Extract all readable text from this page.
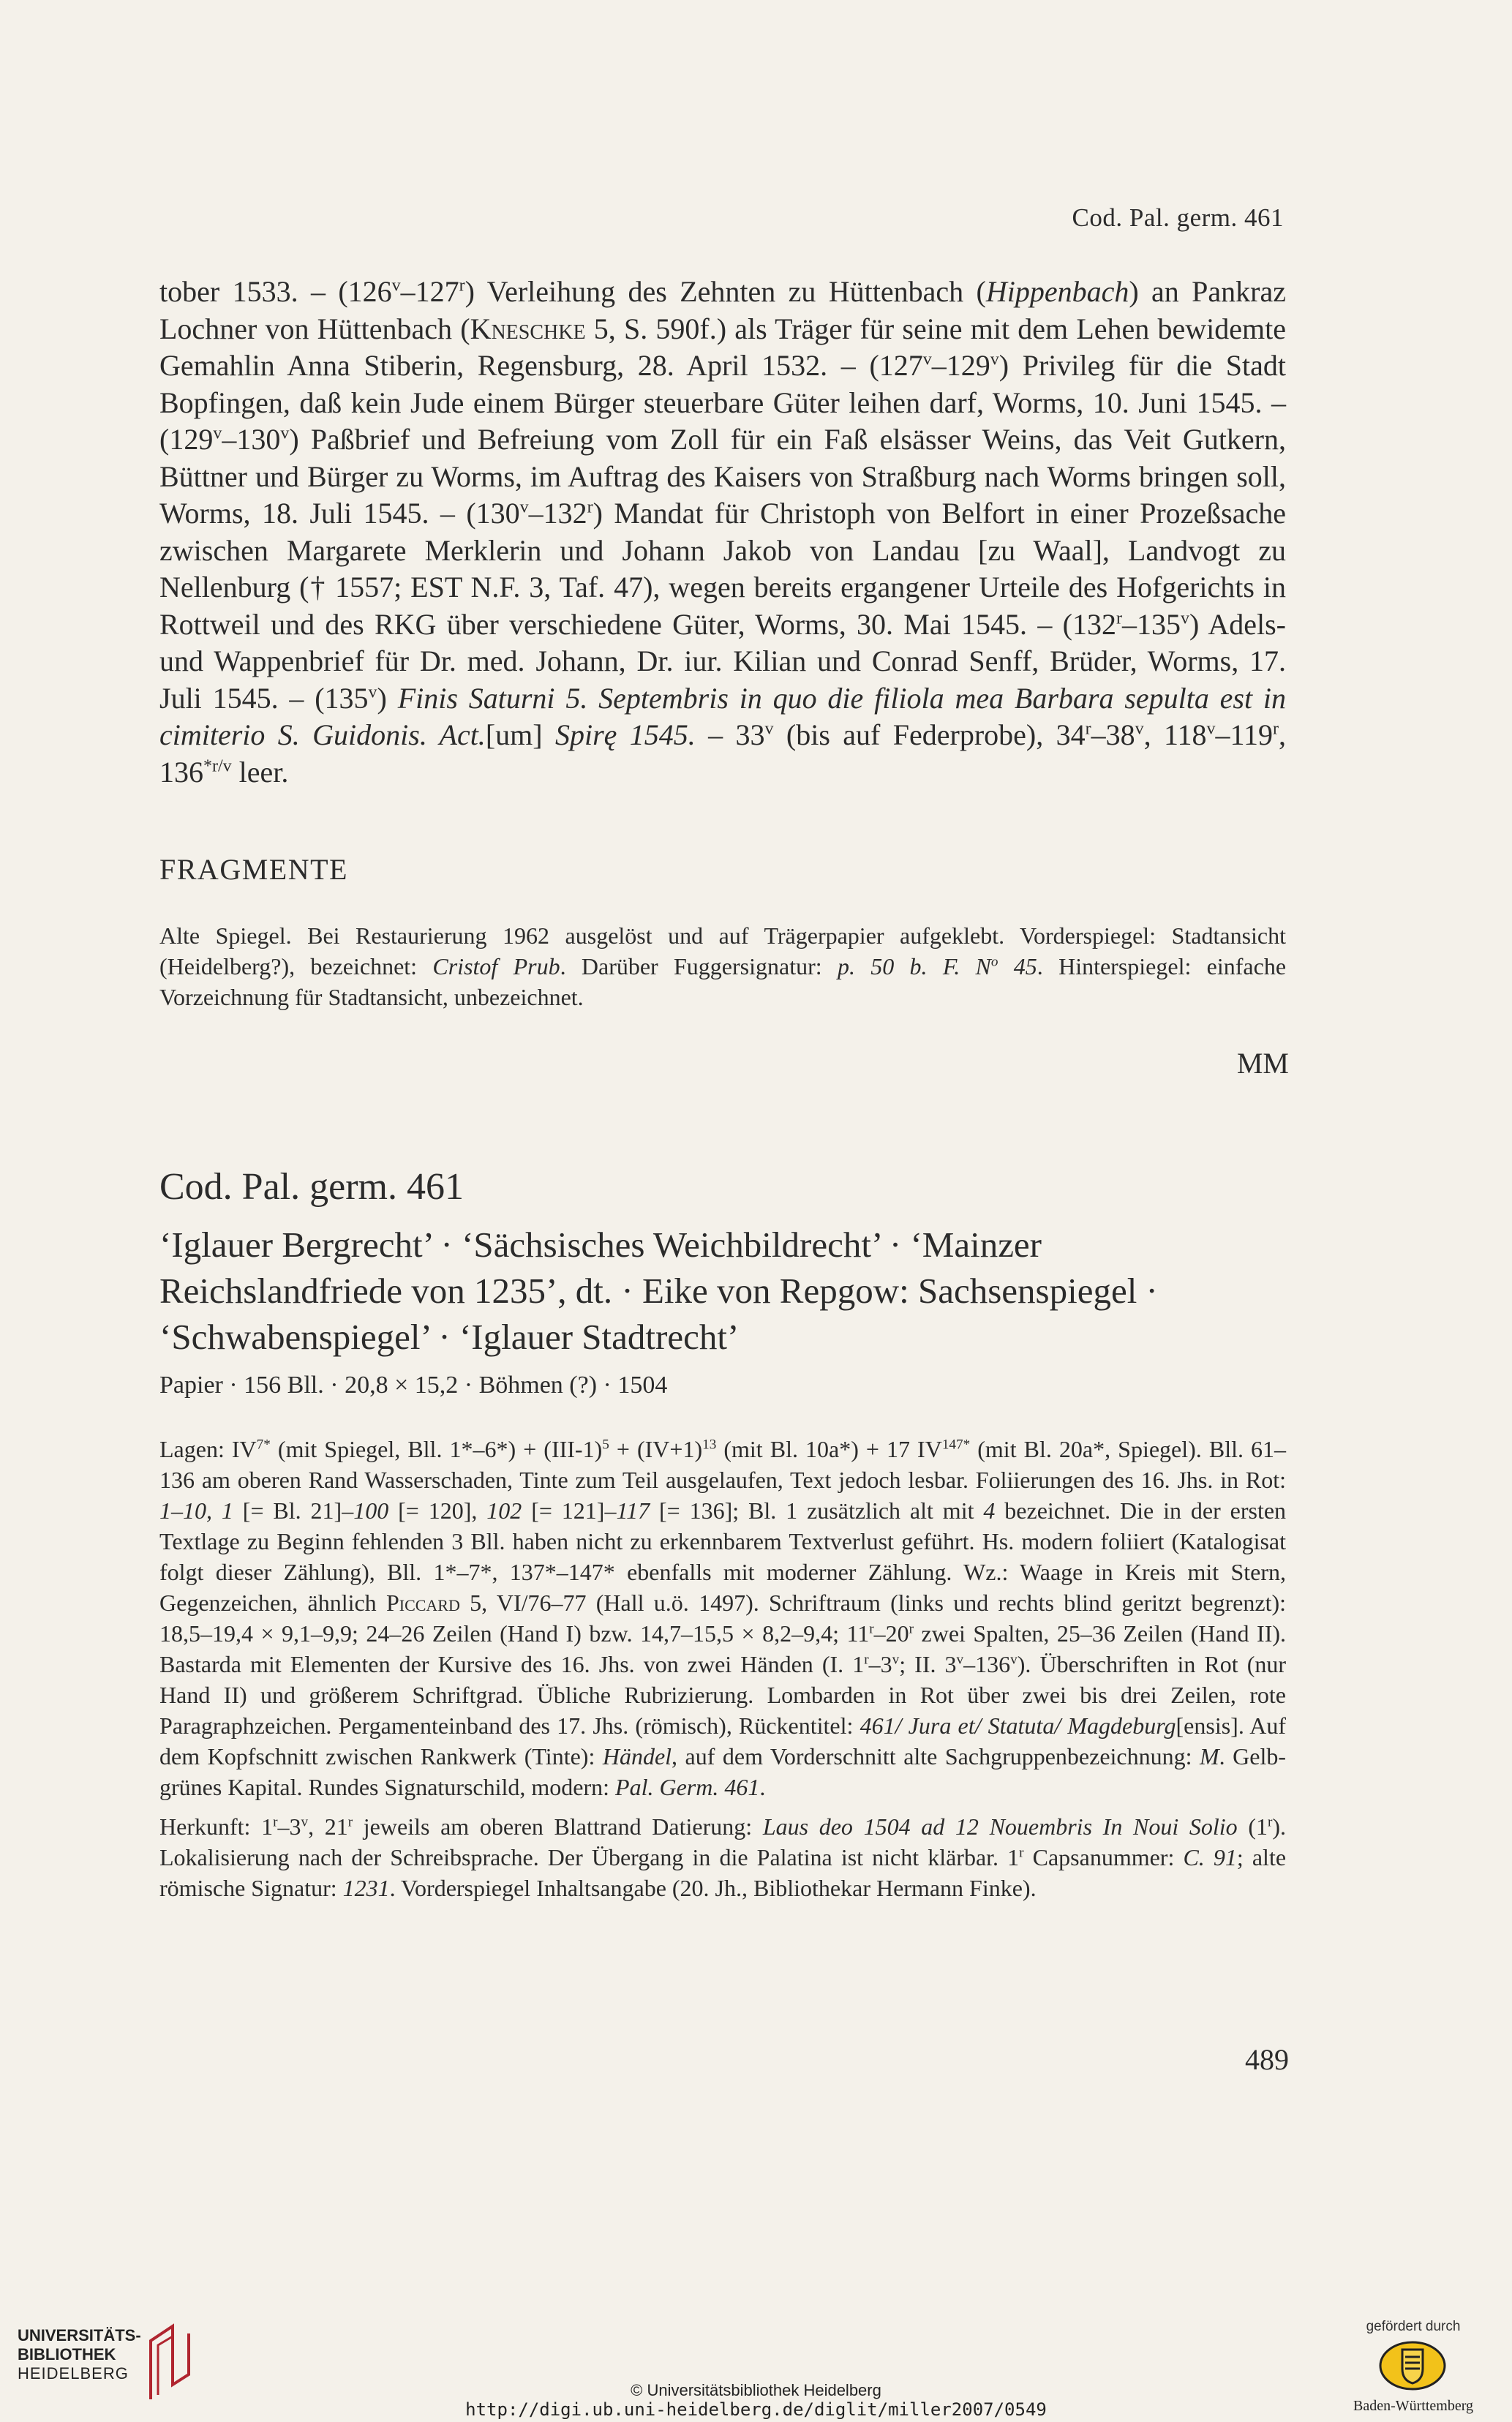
Cod. Pal. germ. 461

tober 1533. – (126$^v$–127$^r$) Verleihung des Zehnten zu Hüttenbach (Hippenbach) an Pankraz Lochner von Hüttenbach (Kneschke 5, S. 590f.) als Träger für seine mit dem Lehen bewidemte Gemahlin Anna Stiberin, Regensburg, 28. April 1532. – (127$^v$–129$^v$) Privileg für die Stadt Bopfingen, daß kein Jude einem Bürger steuerbare Güter leihen darf, Worms, 10. Juni 1545. – (129$^v$–130$^v$) Paßbrief und Befreiung vom Zoll für ein Faß elsässer Weins, das Veit Gutkern, Büttner und Bürger zu Worms, im Auftrag des Kaisers von Straßburg nach Worms bringen soll, Worms, 18. Juli 1545. – (130$^v$–132$^r$) Mandat für Christoph von Belfort in einer Prozeßsache zwischen Margarete Merklerin und Johann Jakob von Landau [zu Waal], Landvogt zu Nellenburg († 1557; EST N.F. 3, Taf. 47), wegen bereits ergangener Urteile des Hofgerichts in Rottweil und des RKG über verschiedene Güter, Worms, 30. Mai 1545. – (132$^r$–135$^v$) Adels- und Wappenbrief für Dr. med. Johann, Dr. iur. Kilian und Conrad Senff, Brüder, Worms, 17. Juli 1545. – (135$^v$) Finis Saturni 5. Septembris in quo die filiola mea Barbara sepulta est in cimiterio S. Guidonis. Act.[um] Spirę 1545. – 33$^v$ (bis auf Federprobe), 34$^r$–38$^v$, 118$^v$–119$^r$, $136^{*r/v}$ leer.

FRAGMENTE

Alte Spiegel. Bei Restaurierung 1962 ausgelöst und auf Trägerpapier aufgeklebt. Vorderspiegel: Stadtansicht (Heidelberg?), bezeichnet: Cristof Prub. Darüber Fuggersignatur: p. 50 b. F. $N^o$ 45. Hinterspiegel: einfache Vorzeichnung für Stadtansicht, unbezeichnet.

MM
Cod. Pal. germ. 461
‘Iglauer Bergrecht’ · ‘Sächsisches Weichbildrecht’ · ‘Mainzer Reichslandfriede von 1235’, dt. · Eike von Repgow: Sachsenspiegel · ‘Schwabenspiegel’ · ‘Iglauer Stadtrecht’

Papier · 156 Bll. · 20,8 × 15,2 · Böhmen (?) · 1504

Lagen: $IV^{7*}$ (mit Spiegel, Bll. $1*-6*) + (III-1)^5 + (IV+1)^{13}$ (mit Bl. 10a*) + 17 $IV^{147*}$ (mit Bl. 20a*, Spiegel). Bll. 61–136 am oberen Rand Wasserschaden, Tinte zum Teil ausgelaufen, Text jedoch lesbar. Foliierungen des 16. Jhs. in Rot: 1–10, 1 [= Bl. 21]–100 [= 120], 102 [= 121]–117 [= 136]; Bl. 1 zusätzlich alt mit 4 bezeichnet. Die in der ersten Textlage zu Beginn fehlenden 3 Bll. haben nicht zu erkennbarem Textverlust geführt. Hs. modern foliiert (Katalogisat folgt dieser Zählung), Bll. 1*–7*, 137*–147* ebenfalls mit moderner Zählung. Wz.: Waage in Kreis mit Stern, Gegenzeichen, ähnlich Piccard 5, VI/76–77 (Hall u.ö. 1497). Schriftraum (links und rechts blind geritzt begrenzt): 18,5–19,4 × 9,1–9,9; 24–26 Zeilen (Hand I) bzw. 14,7–15,5 × 8,2–9,4; 11$^r$–20$^r$ zwei Spalten, 25–36 Zeilen (Hand II). Bastarda mit Elementen der Kursive des 16. Jhs. von zwei Händen (I. 1$^r$–3$^v$; II. 3$^v$–136$^v$). Überschriften in Rot (nur Hand II) und größerem Schriftgrad. Übliche Rubrizierung. Lombarden in Rot über zwei bis drei Zeilen, rote Paragraphzeichen. Pergamenteinband des 17. Jhs. (römisch), Rückentitel: 461/ Jura et/ Statuta/ Magdeburg[ensis]. Auf dem Kopfschnitt zwischen Rankwerk (Tinte): Händel, auf dem Vorderschnitt alte Sachgruppenbezeichnung: M. Gelb-grünes Kapital. Rundes Signaturschild, modern: Pal. Germ. 461.

Herkunft: 1$^r$–3$^v$, 21$^r$ jeweils am oberen Blattrand Datierung: Laus deo 1504 ad 12 Nouembris In Noui Solio (1$^r$). Lokalisierung nach der Schreibsprache. Der Übergang in die Palatina ist nicht klärbar. 1$^r$ Capsanummer: C. 91; alte römische Signatur: 1231. Vorderspiegel Inhaltsangabe (20. Jh., Bibliothekar Hermann Finke).

489
UNIVERSITÄTS-
BIBLIOTHEK
HEIDELBERG
© Universitätsbibliothek Heidelberg
http://digi.ub.uni-heidelberg.de/diglit/miller2007/0549
gefördert durch
Baden-Württemberg
